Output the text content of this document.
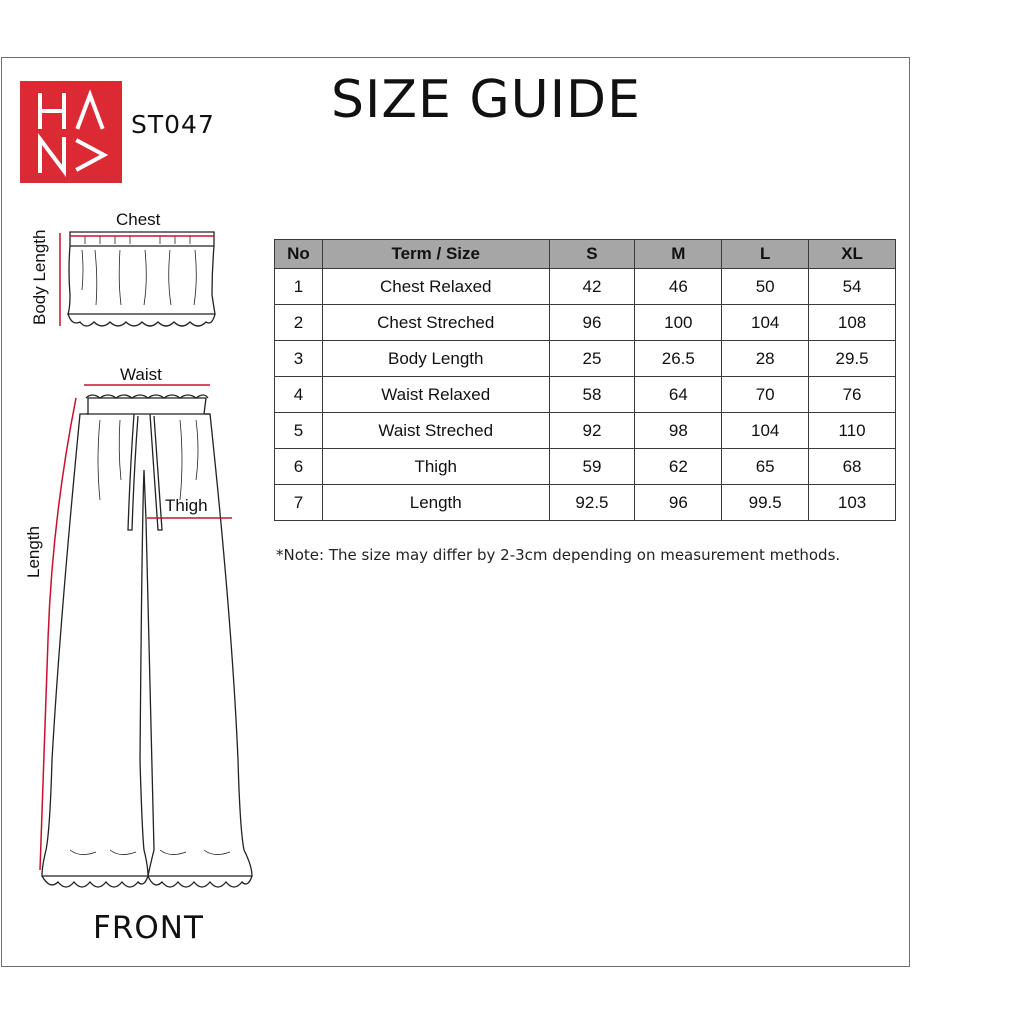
ST047 SIZE GUIDE
Chest
Body Length
Waist
Thigh
Length
FRONT
No	Term / Size	S	M	L	XL
1	Chest Relaxed	42	46	50	54
2	Chest Streched	96	100	104	108
3	Body Length	25	26.5	28	29.5
4	Waist Relaxed	58	64	70	76
5	Waist Streched	92	98	104	110
6	Thigh	59	62	65	68
7	Length	92.5	96	99.5	103
*Note: The size may differ by 2-3cm depending on measurement methods.
